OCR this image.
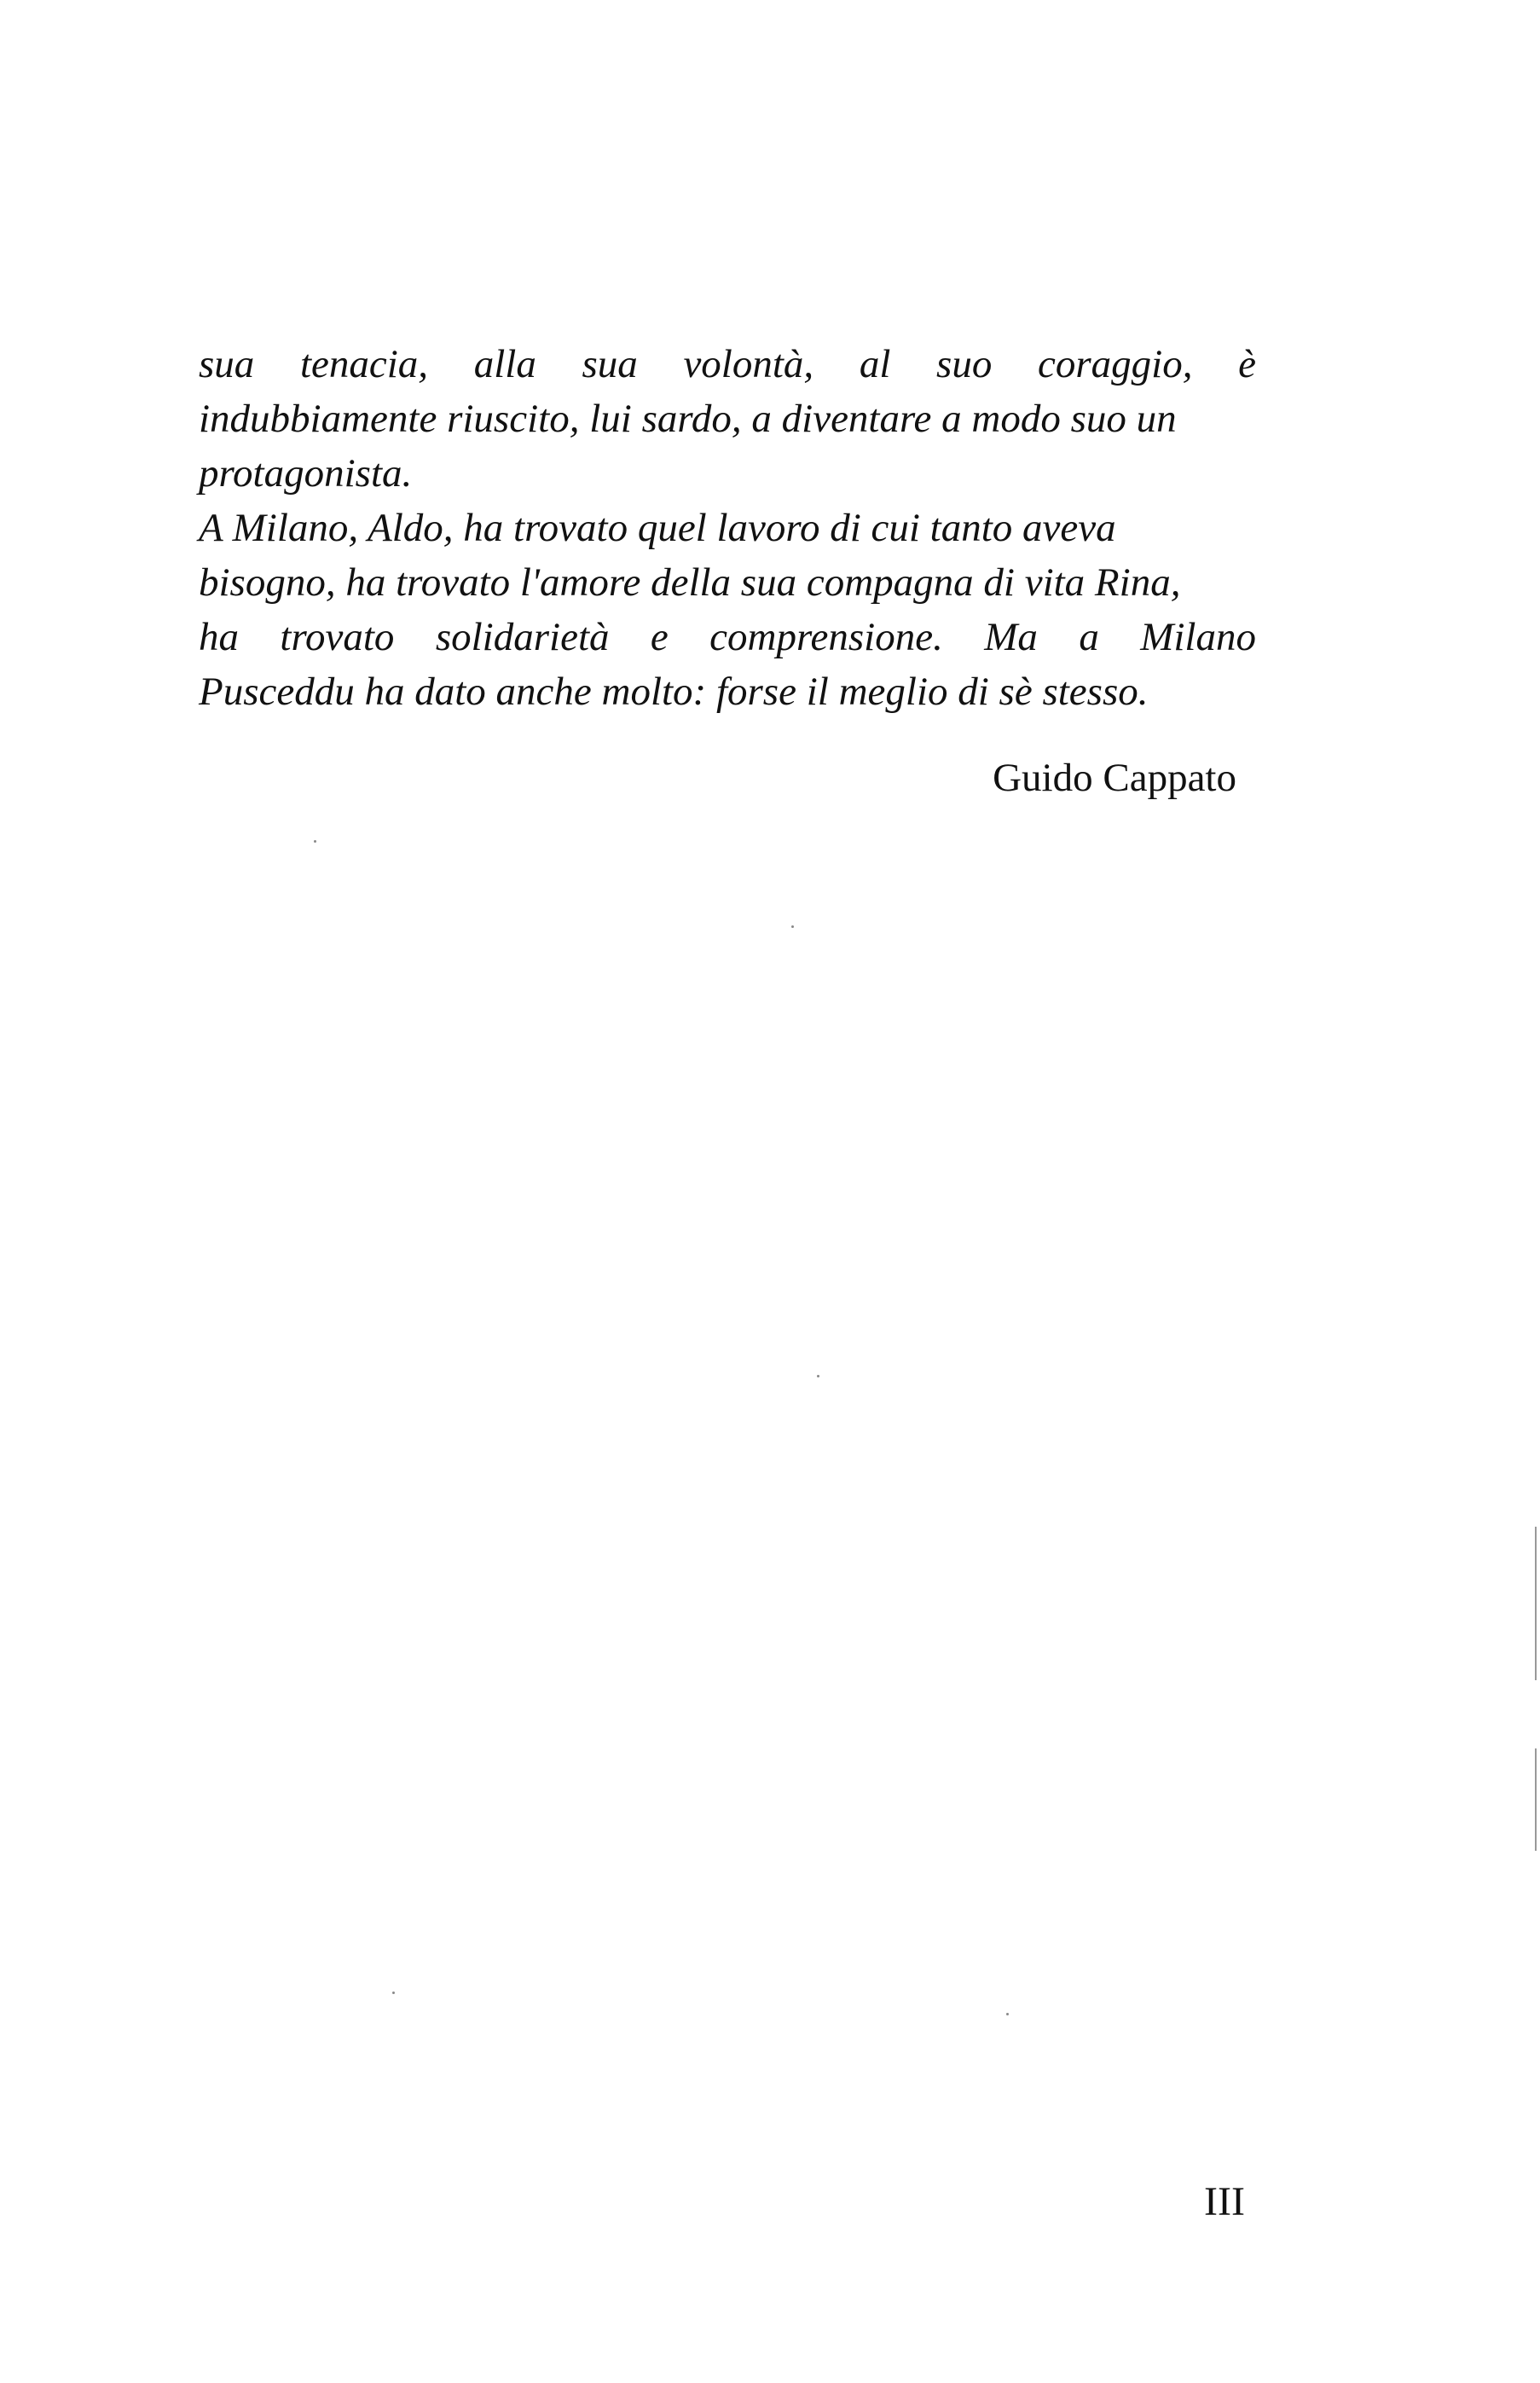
sua tenacia, alla sua volontà, al suo coraggio, è
indubbiamente riuscito, lui sardo, a diventare a modo suo un
protagonista.
A Milano, Aldo, ha trovato quel lavoro di cui tanto aveva
bisogno, ha trovato l'amore della sua compagna di vita Rina,
ha trovato solidarietà e comprensione. Ma a Milano
Pusceddu ha dato anche molto: forse il meglio di sè stesso.

Guido Cappato

III
